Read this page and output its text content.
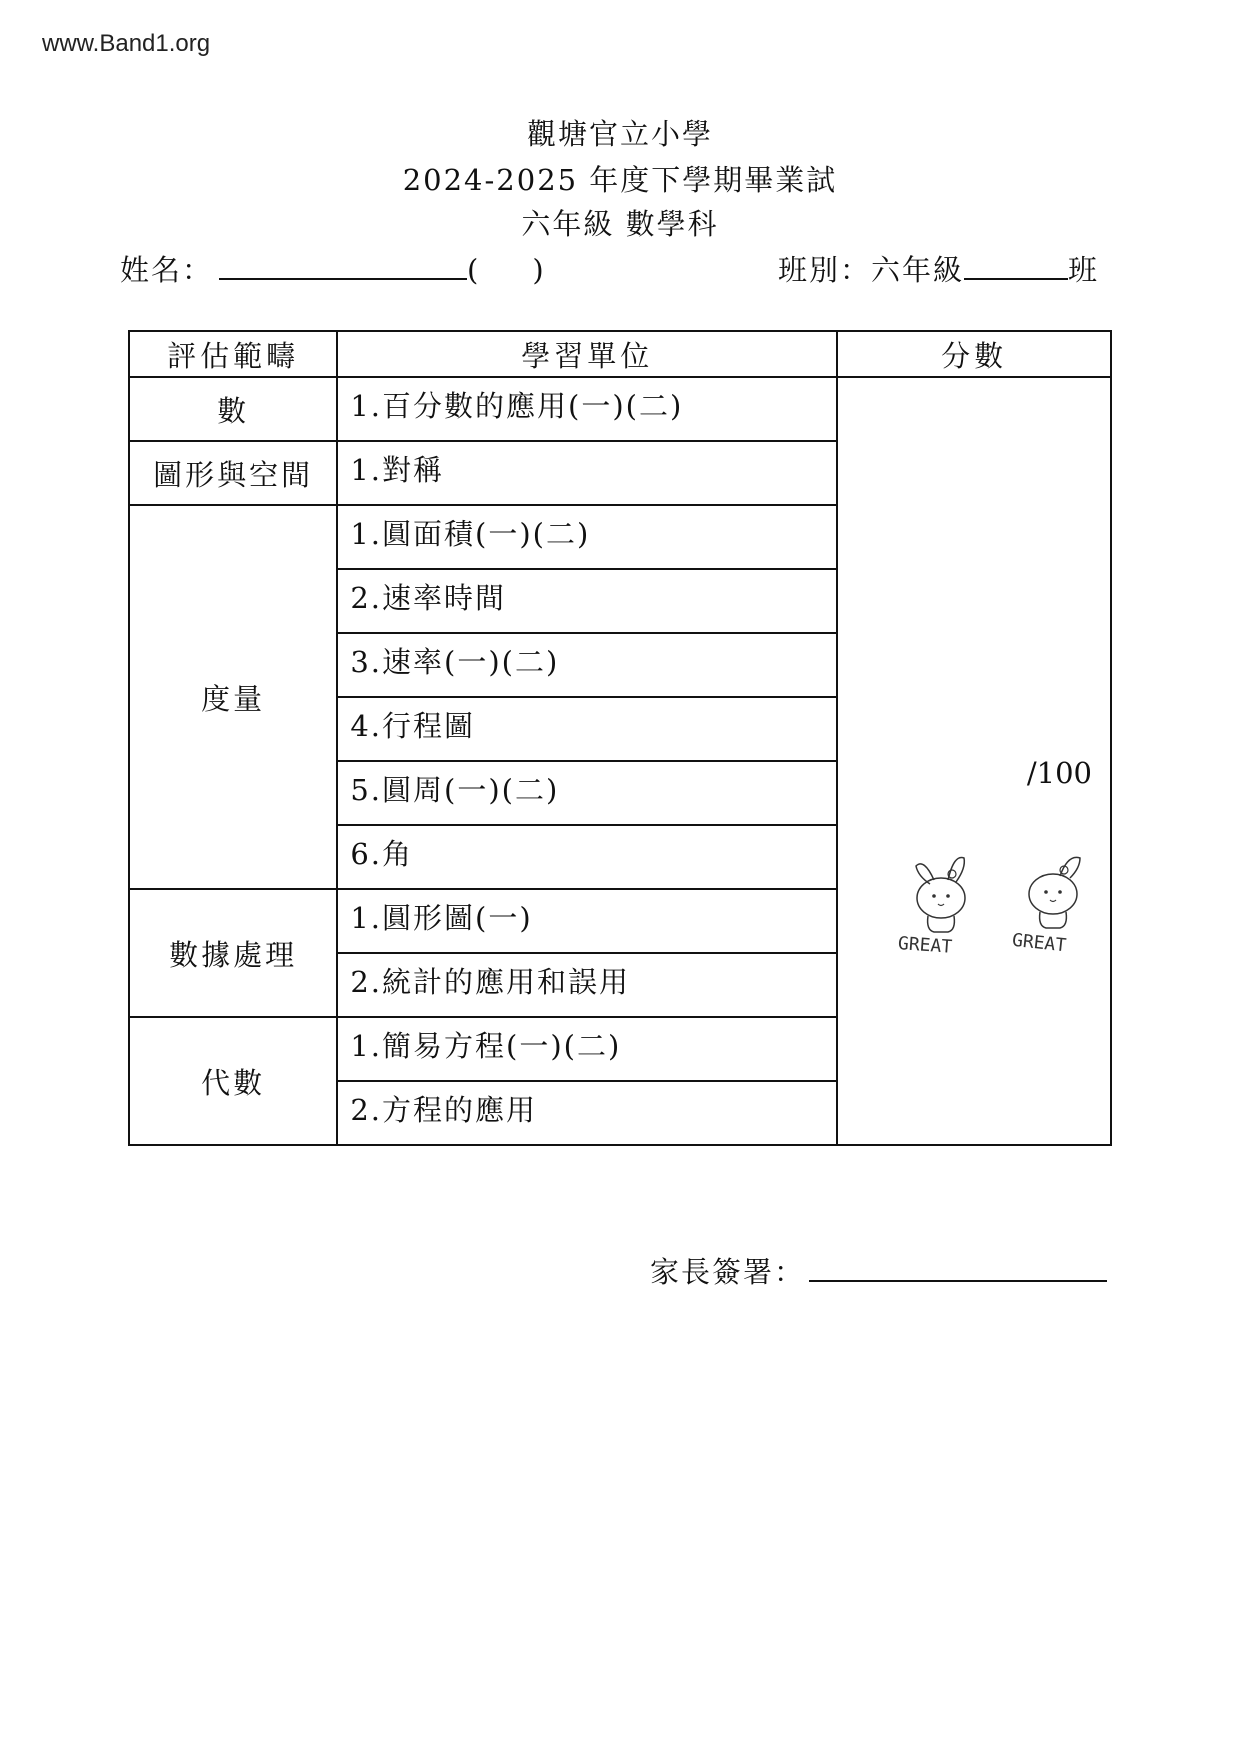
www.Band1.org
觀塘官立小學
2024-2025 年度下學期畢業試
六年級 數學科
姓名：	( )	班別：六年級	班
評估範疇	學習單位	分數
數	1.百分數的應用(一)(二)	/100
GREAT GREAT

圖形與空間	1.對稱	
度量	1.圓面積(一)(二)	
	2.速率時間	
	3.速率(一)(二)	
	4.行程圖	
	5.圓周(一)(二)	
	6.角	
數據處理	1.圓形圖(一)	
	2.統計的應用和誤用	
代數	1.簡易方程(一)(二)	
	2.方程的應用	
家長簽署：
